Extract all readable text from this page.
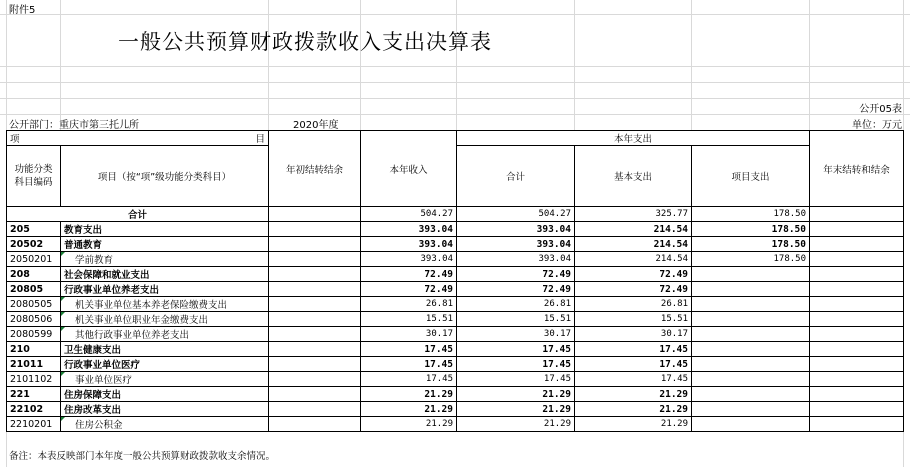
附件5
一般公共预算财政拨款收入支出决算表
公开05表
公开部门：重庆市第三托儿所	2020年度	单位：万元
项 目		年初结转结余	本年收入	本年支出			年末结转和结余
功能分类科目编码	项目（按“项”级功能分类科目）			合计	基本支出	项目支出	

合计			504.27	504.27	325.77	178.50	
205	教育支出		393.04	393.04	214.54	178.50	
20502	普通教育		393.04	393.04	214.54	178.50	
2050201	学前教育		393.04	393.04	214.54	178.50	
208	社会保障和就业支出		72.49	72.49	72.49		
20805	行政事业单位养老支出		72.49	72.49	72.49		
2080505	机关事业单位基本养老保险缴费支出		26.81	26.81	26.81		
2080506	机关事业单位职业年金缴费支出		15.51	15.51	15.51		
2080599	其他行政事业单位养老支出		30.17	30.17	30.17		
210	卫生健康支出		17.45	17.45	17.45		
21011	行政事业单位医疗		17.45	17.45	17.45		
2101102	事业单位医疗		17.45	17.45	17.45		
221	住房保障支出		21.29	21.29	21.29		
22102	住房改革支出		21.29	21.29	21.29		
2210201	住房公积金		21.29	21.29	21.29		
备注：本表反映部门本年度一般公共预算财政拨款收支余情况。
